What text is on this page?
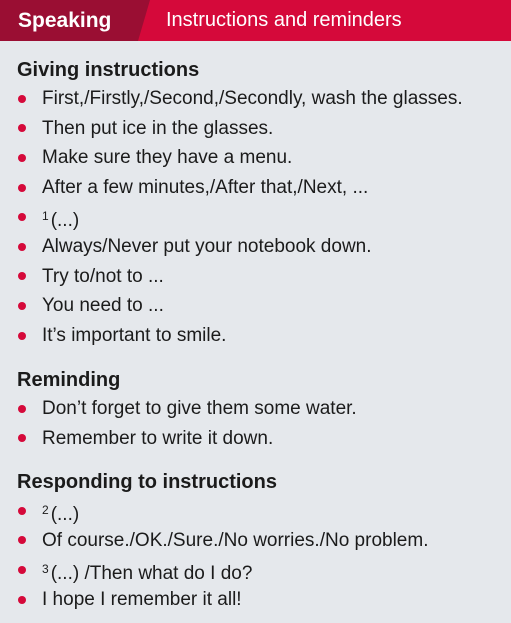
Speaking	Instructions and reminders
Giving instructions
First,/Firstly,/Second,/Secondly, wash the glasses.
Then put ice in the glasses.
Make sure they have a menu.
After a few minutes,/After that,/Next, ...
$^1$ (...)
Always/Never put your notebook down.
Try to/not to ...
You need to ...
It’s important to smile.
Reminding
Don’t forget to give them some water.
Remember to write it down.
Responding to instructions
$^2$ (...)
Of course./OK./Sure./No worries./No problem.
$^3$ (...) /Then what do I do?
I hope I remember it all!
